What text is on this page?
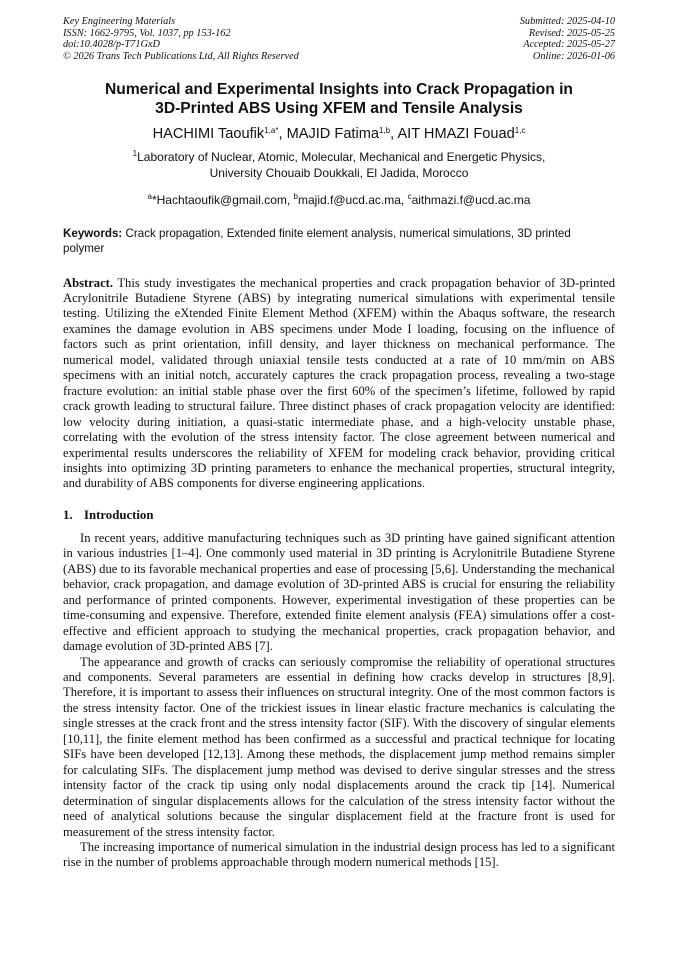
Key Engineering Materials
ISSN: 1662-9795, Vol. 1037, pp 153-162
doi:10.4028/p-T71GxD
© 2026 Trans Tech Publications Ltd, All Rights Reserved
Submitted: 2025-04-10
Revised: 2025-05-25
Accepted: 2025-05-27
Online: 2026-01-06
Numerical and Experimental Insights into Crack Propagation in
3D-Printed ABS Using XFEM and Tensile Analysis
HACHIMI Taoufik$^{1,a*}$, MAJID Fatima$^{1,b}$, AIT HMAZI Fouad$^{1,c}$
$^1$Laboratory of Nuclear, Atomic, Molecular, Mechanical and Energetic Physics,
University Chouaib Doukkali, El Jadida, Morocco
$^a$*Hachtaoufik@gmail.com, $^b$majid.f@ucd.ac.ma, $^c$aithmazi.f@ucd.ac.ma
Keywords: Crack propagation, Extended finite element analysis, numerical simulations, 3D printed polymer
Abstract. This study investigates the mechanical properties and crack propagation behavior of 3D-printed Acrylonitrile Butadiene Styrene (ABS) by integrating numerical simulations with experimental tensile testing. Utilizing the eXtended Finite Element Method (XFEM) within the Abaqus software, the research examines the damage evolution in ABS specimens under Mode I loading, focusing on the influence of factors such as print orientation, infill density, and layer thickness on mechanical performance. The numerical model, validated through uniaxial tensile tests conducted at a rate of 10 mm/min on ABS specimens with an initial notch, accurately captures the crack propagation process, revealing a two-stage fracture evolution: an initial stable phase over the first 60% of the specimen’s lifetime, followed by rapid crack growth leading to structural failure. Three distinct phases of crack propagation velocity are identified: low velocity during initiation, a quasi-static intermediate phase, and a high-velocity unstable phase, correlating with the evolution of the stress intensity factor. The close agreement between numerical and experimental results underscores the reliability of XFEM for modeling crack behavior, providing critical insights into optimizing 3D printing parameters to enhance the mechanical properties, structural integrity, and durability of ABS components for diverse engineering applications.
1. Introduction

In recent years, additive manufacturing techniques such as 3D printing have gained significant attention in various industries [1–4]. One commonly used material in 3D printing is Acrylonitrile Butadiene Styrene (ABS) due to its favorable mechanical properties and ease of processing [5,6]. Understanding the mechanical behavior, crack propagation, and damage evolution of 3D-printed ABS is crucial for ensuring the reliability and performance of printed components. However, experimental investigation of these properties can be time-consuming and expensive. Therefore, extended finite element analysis (FEA) simulations offer a cost-effective and efficient approach to studying the mechanical properties, crack propagation behavior, and damage evolution of 3D-printed ABS [7].

The appearance and growth of cracks can seriously compromise the reliability of operational structures and components. Several parameters are essential in defining how cracks develop in structures [8,9]. Therefore, it is important to assess their influences on structural integrity. One of the most common factors is the stress intensity factor. One of the trickiest issues in linear elastic fracture mechanics is calculating the single stresses at the crack front and the stress intensity factor (SIF). With the discovery of singular elements [10,11], the finite element method has been confirmed as a successful and practical technique for locating SIFs have been developed [12,13]. Among these methods, the displacement jump method remains simpler for calculating SIFs. The displacement jump method was devised to derive singular stresses and the stress intensity factor of the crack tip using only nodal displacements around the crack tip [14]. Numerical determination of singular displacements allows for the calculation of the stress intensity factor without the need of analytical solutions because the singular displacement field at the fracture front is used for measurement of the stress intensity factor.

The increasing importance of numerical simulation in the industrial design process has led to a significant rise in the number of problems approachable through modern numerical methods [15].
